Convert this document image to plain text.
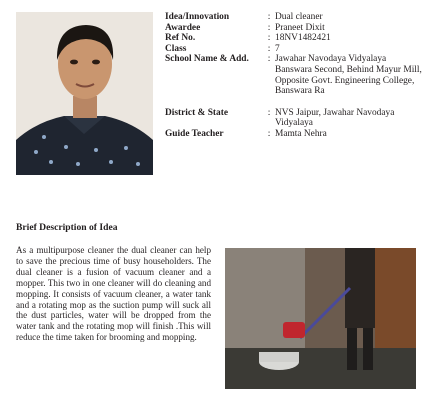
Idea/Innovation	: Dual cleaner
Awardee	: Praneet Dixit
Ref No.	: 18NV1482421
Class	: 7
School Name & Add.	: Jawahar Navodaya Vidyalaya Banswara Second, Behind Mayur Mill, Opposite Govt. Engineering College, Banswara Ra
District & State	: NVS Jaipur, Jawahar Navodaya Vidyalaya
Guide Teacher	: Mamta Nehra
Brief Description of Idea
As a multipurpose cleaner the dual cleaner can help to save the precious time of busy householders. The dual cleaner is a fusion of vacuum cleaner and a mopper. This two in one cleaner will do cleaning and mopping. It consists of vacuum cleaner, a water tank and a rotating mop as the suction pump will suck all the dust particles, water will be dropped from the water tank and the rotating mop will finish .This will reduce the time taken for brooming and mopping.
